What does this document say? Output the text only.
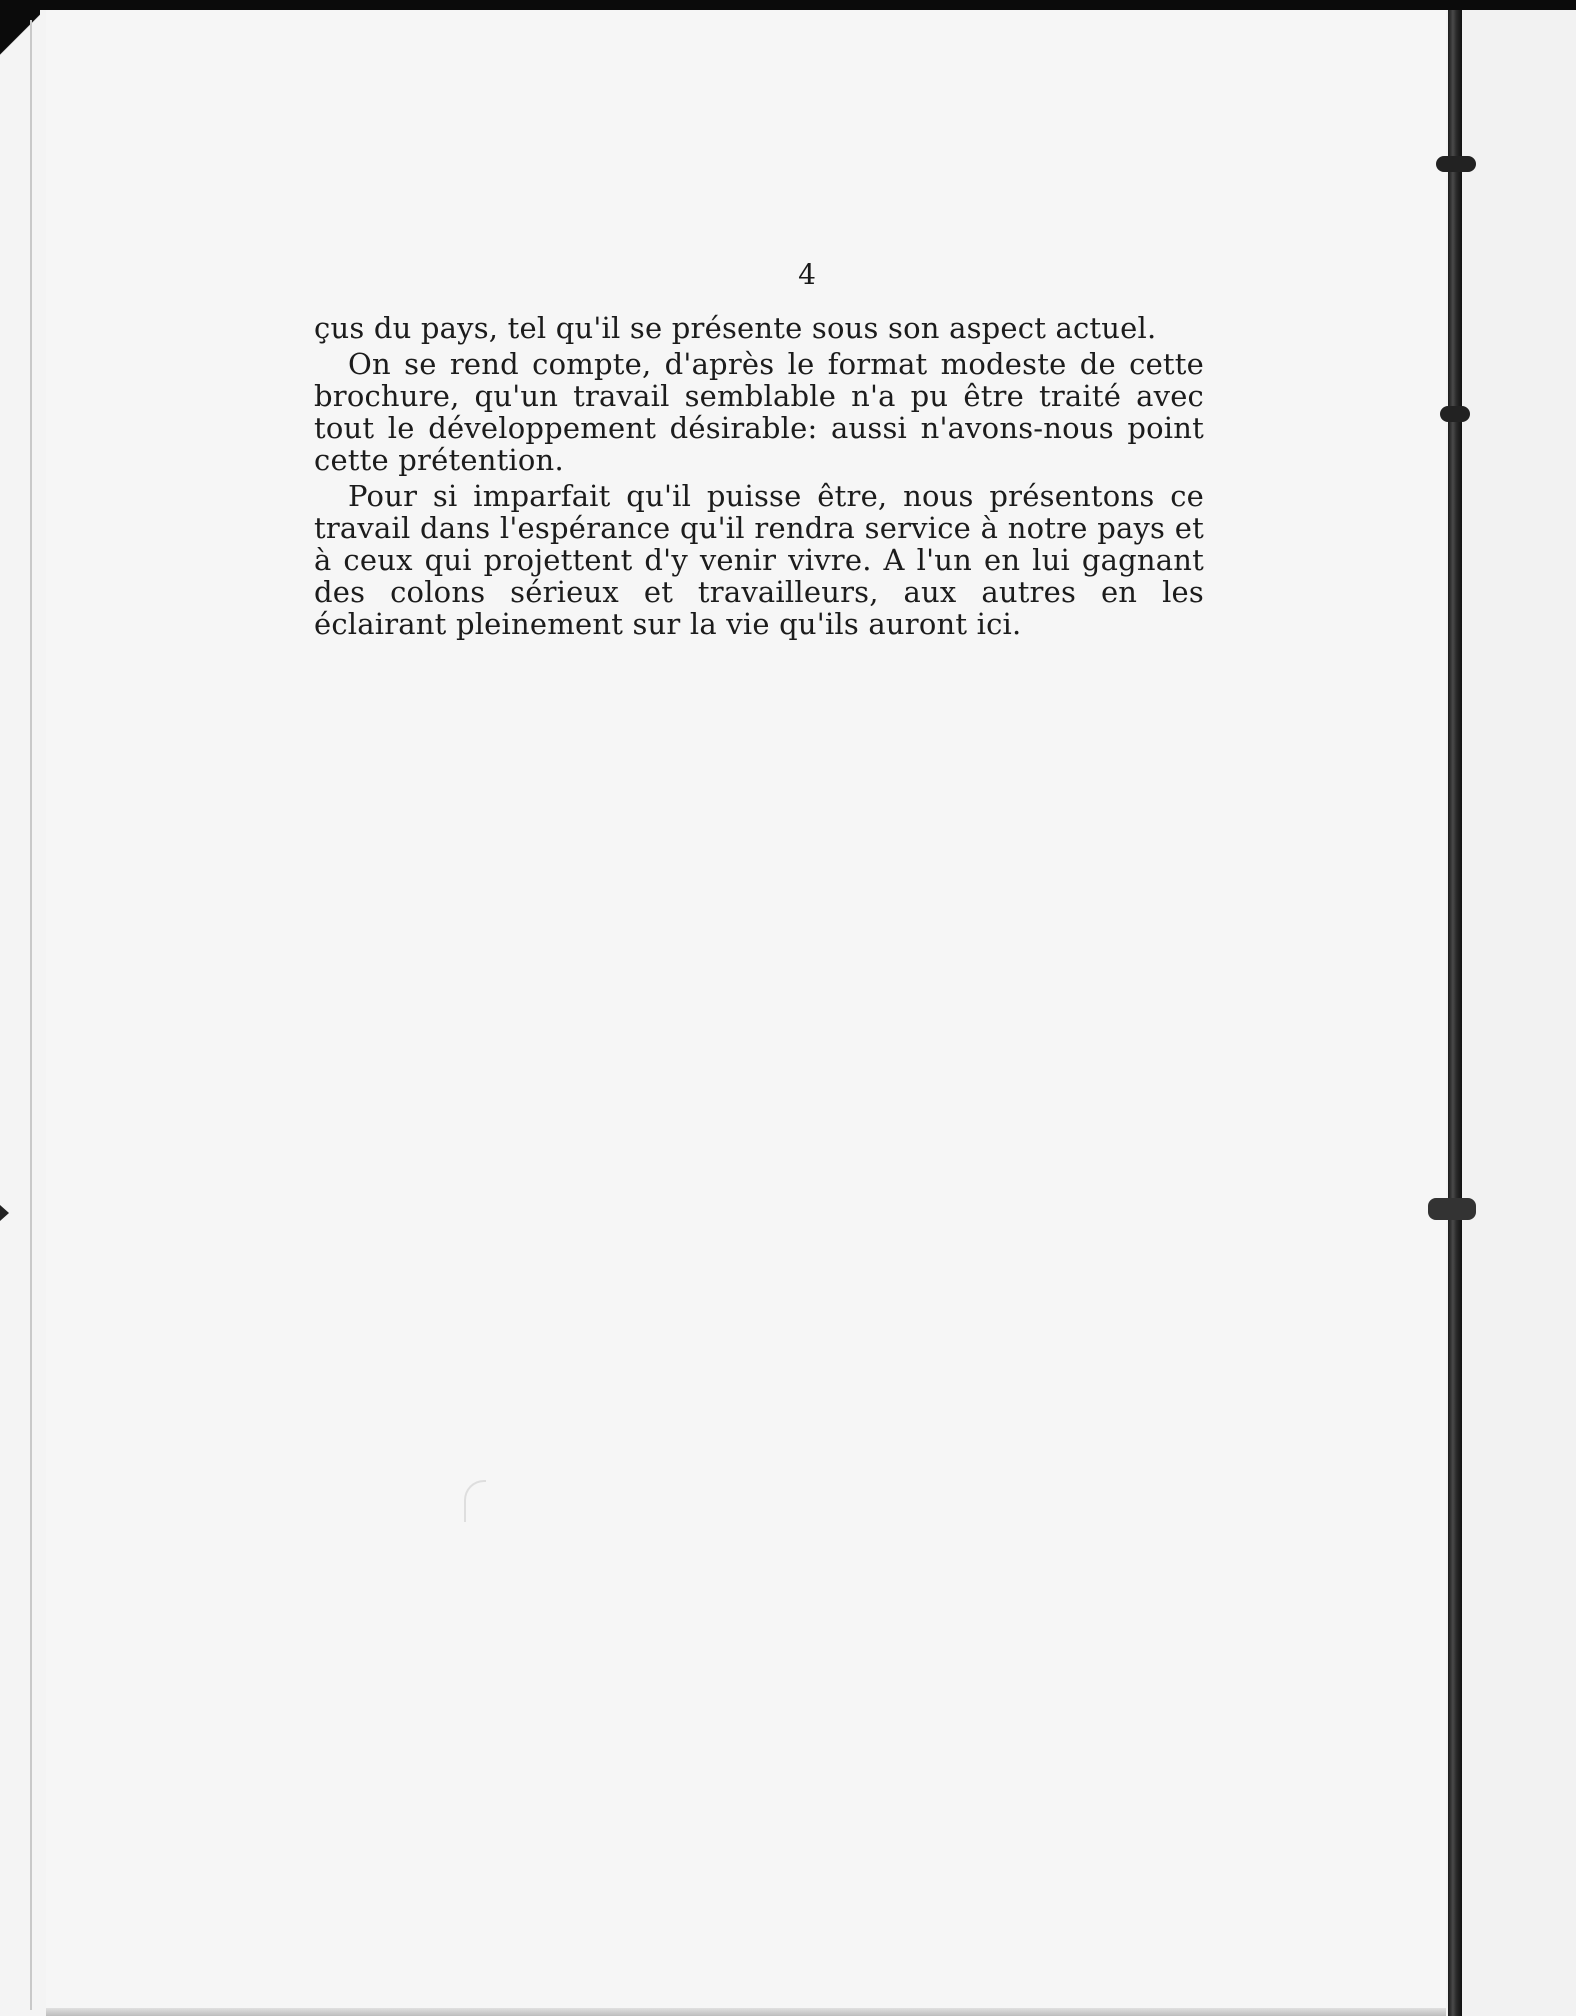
4

çus du pays, tel qu'il se présente sous son aspect actuel.

On se rend compte, d'après le format modeste de cette brochure, qu'un travail semblable n'a pu être traité avec tout le développement désirable: aussi n'avons-nous point cette prétention.

Pour si imparfait qu'il puisse être, nous présentons ce travail dans l'espérance qu'il rendra service à notre pays et à ceux qui projettent d'y venir vivre. A l'un en lui gagnant des colons sérieux et travailleurs, aux autres en les éclairant pleinement sur la vie qu'ils auront ici.
